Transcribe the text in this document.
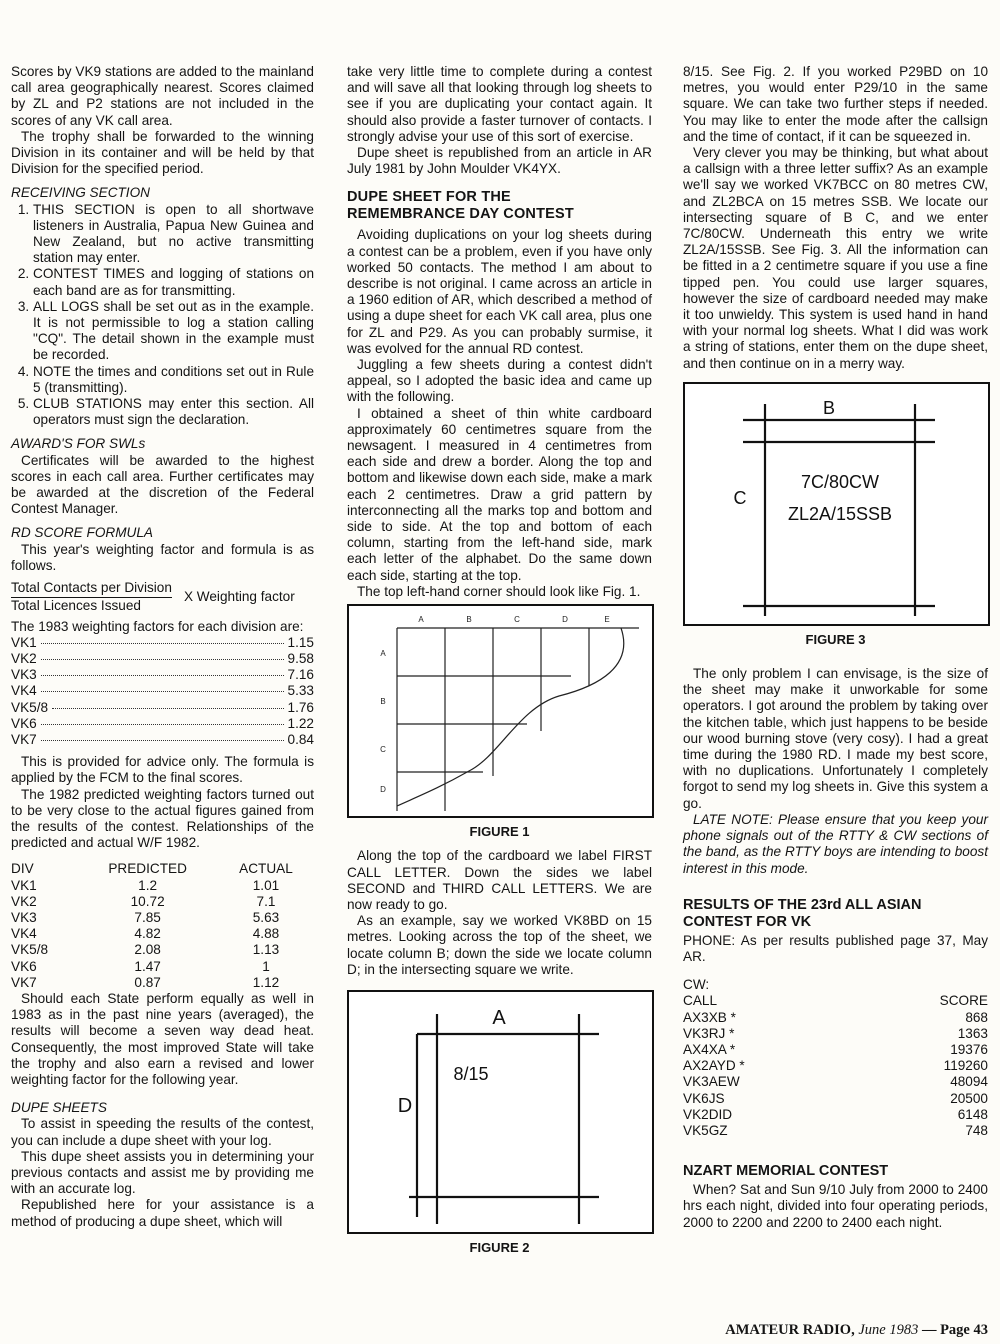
Scores by VK9 stations are added to the mainland call area geographically nearest. Scores claimed by ZL and P2 stations are not included in the scores of any VK call area.

The trophy shall be forwarded to the winning Division in its container and will be held by that Division for the specified period.

RECEIVING SECTION
1. THIS SECTION is open to all shortwave listeners in Australia, Papua New Guinea and New Zealand, but no active transmitting station may enter.
2. CONTEST TIMES and logging of stations on each band are as for transmitting.
3. ALL LOGS shall be set out as in the example. It is not permissible to log a station calling "CQ". The detail shown in the example must be recorded.
4. NOTE the times and conditions set out in Rule 5 (transmitting).
5. CLUB STATIONS may enter this section. All operators must sign the declaration.
AWARD'S FOR SWLs

Certificates will be awarded to the highest scores in each call area. Further certificates may be awarded at the discretion of the Federal Contest Manager.

RD SCORE FORMULA

This year's weighting factor and formula is as follows.

$\frac{\text{Total Contacts per Division}}{\text{Total Licences Issued}}$ X Weighting factor

The 1983 weighting factors for each division are:

VK1	1.15
VK2	9.58
VK3	7.16
VK4	5.33
VK5/8	1.76
VK6	1.22
VK7	0.84

This is provided for advice only. The formula is applied by the FCM to the final scores.

The 1982 predicted weighting factors turned out to be very close to the actual figures gained from the results of the contest. Relationships of the predicted and actual W/F 1982.

DIV	PREDICTED	ACTUAL
VK1	1.2	1.01
VK2	10.72	7.1
VK3	7.85	5.63
VK4	4.82	4.88
VK5/8	2.08	1.13
VK6	1.47	1
VK7	0.87	1.12

Should each State perform equally as well in 1983 as in the past nine years (averaged), the results will become a seven way dead heat. Consequently, the most improved State will take the trophy and also earn a revised and lower weighting factor for the following year.

DUPE SHEETS

To assist in speeding the results of the contest, you can include a dupe sheet with your log.

This dupe sheet assists you in determining your previous contacts and assist me by providing me with an accurate log.

Republished here for your assistance is a method of producing a dupe sheet, which will

take very little time to complete during a contest and will save all that looking through log sheets to see if you are duplicating your contact again. It should also provide a faster turnover of contacts. I strongly advise your use of this sort of exercise.

Dupe sheet is republished from an article in AR July 1981 by John Moulder VK4YX.

DUPE SHEET FOR THE
REMEMBRANCE DAY CONTEST

Avoiding duplications on your log sheets during a contest can be a problem, even if you have only worked 50 contacts. The method I am about to describe is not original. I came across an article in a 1960 edition of AR, which described a method of using a dupe sheet for each VK call area, plus one for ZL and P29. As you can probably surmise, it was evolved for the annual RD contest.

Juggling a few sheets during a contest didn't appeal, so I adopted the basic idea and came up with the following.

I obtained a sheet of thin white cardboard approximately 60 centimetres square from the newsagent. I measured in 4 centimetres from each side and drew a border. Along the top and bottom and likewise down each side, make a mark each 2 centimetres. Draw a grid pattern by interconnecting all the marks top and bottom and side to side. At the top and bottom of each column, starting from the left-hand side, mark each letter of the alphabet. Do the same down each side, starting at the top.

The top left-hand corner should look like Fig. 1.

A	B	C	D	E
A
B
C
D
FIGURE 1

Along the top of the cardboard we label FIRST CALL LETTER. Down the sides we label SECOND and THIRD CALL LETTERS. We are now ready to go.

As an example, say we worked VK8BD on 15 metres. Looking across the top of the sheet, we locate column B; down the side we locate column D; in the intersecting square we write.

A
D
8/15
FIGURE 2

8/15. See Fig. 2. If you worked P29BD on 10 metres, you would enter P29/10 in the same square. We can take two further steps if needed. You may like to enter the mode after the callsign and the time of contact, if it can be squeezed in.

Very clever you may be thinking, but what about a callsign with a three letter suffix? As an example we'll say we worked VK7BCC on 80 metres CW, and ZL2BCA on 15 metres SSB. We locate our intersecting square of B C, and we enter 7C/80CW. Underneath this entry we write ZL2A/15SSB. See Fig. 3. All the information can be fitted in a 2 centimetre square if you use a fine tipped pen. You could use larger squares, however the size of cardboard needed may make it too unwieldy. This system is used hand in hand with your normal log sheets. What I did was work a string of stations, enter them on the dupe sheet, and then continue on in a merry way.

B
C
7C/80CW
ZL2A/15SSB
FIGURE 3

The only problem I can envisage, is the size of the sheet may make it unworkable for some operators. I got around the problem by taking over the kitchen table, which just happens to be beside our wood burning stove (very cosy). I had a great time during the 1980 RD. I made my best score, with no duplications. Unfortunately I completely forgot to send my log sheets in. Give this system a go.

LATE NOTE: Please ensure that you keep your phone signals out of the RTTY & CW sections of the band, as the RTTY boys are intending to boost interest in this mode.

RESULTS OF THE 23rd ALL ASIAN
CONTEST FOR VK

PHONE: As per results published page 37, May AR.

CW:

CALL	SCORE
AX3XB *	868
VK3RJ *	1363
AX4XA *	19376
AX2AYD *	119260
VK3AEW	48094
VK6JS	20500
VK2DID	6148
VK5GZ	748
NZART MEMORIAL CONTEST

When? Sat and Sun 9/10 July from 2000 to 2400 hrs each night, divided into four operating periods, 2000 to 2200 and 2200 to 2400 each night.

AMATEUR RADIO, June 1983 — Page 43
